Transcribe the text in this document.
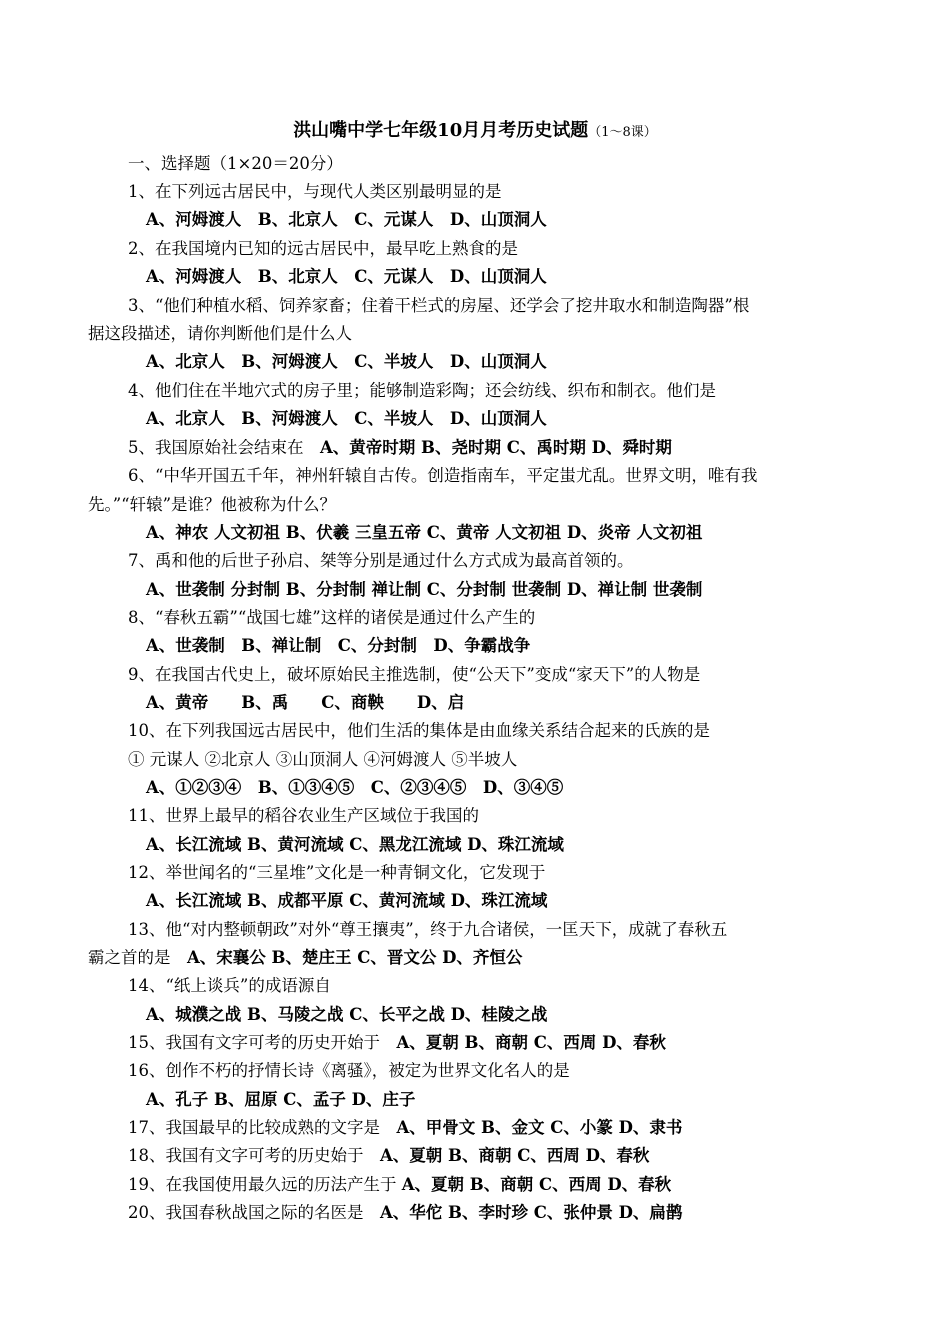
洪山嘴中学七年级10月月考历史试题（1～8课）
一、选择题（1×20＝20分）
1、在下列远古居民中，与现代人类区别最明显的是
A、河姆渡人　B、北京人　C、元谋人　D、山顶洞人
2、在我国境内已知的远古居民中，最早吃上熟食的是
A、河姆渡人　B、北京人　C、元谋人　D、山顶洞人
3、“他们种植水稻、饲养家畜；住着干栏式的房屋、还学会了挖井取水和制造陶器”根
据这段描述，请你判断他们是什么人
A、北京人　B、河姆渡人　C、半坡人　D、山顶洞人
4、他们住在半地穴式的房子里；能够制造彩陶；还会纺线、织布和制衣。他们是
A、北京人　B、河姆渡人　C、半坡人　D、山顶洞人
5、我国原始社会结束在　A、黄帝时期 B、尧时期 C、禹时期 D、舜时期
6、“中华开国五千年，神州轩辕自古传。创造指南车，平定蚩尤乱。世界文明，唯有我
先。”“轩辕”是谁？他被称为什么？
A、神农 人文初祖 B、伏羲 三皇五帝 C、黄帝 人文初祖 D、炎帝 人文初祖
7、禹和他的后世子孙启、桀等分别是通过什么方式成为最高首领的。
A、世袭制 分封制 B、分封制 禅让制 C、分封制 世袭制 D、禅让制 世袭制
8、“春秋五霸”“战国七雄”这样的诸侯是通过什么产生的
A、世袭制　B、禅让制　C、分封制　D、争霸战争
9、在我国古代史上，破坏原始民主推选制，使“公天下”变成“家天下”的人物是
A、黄帝　　B、禹　　C、商鞅　　D、启
10、在下列我国远古居民中，他们生活的集体是由血缘关系结合起来的氏族的是
① 元谋人 ②北京人 ③山顶洞人 ④河姆渡人 ⑤半坡人
A、①②③④　B、①③④⑤　C、②③④⑤　D、③④⑤
11、世界上最早的稻谷农业生产区域位于我国的
A、长江流域 B、黄河流域 C、黑龙江流域 D、珠江流域
12、举世闻名的“三星堆”文化是一种青铜文化，它发现于
A、长江流域 B、成都平原 C、黄河流域 D、珠江流域
13、他“对内整顿朝政”对外“尊王攘夷”，终于九合诸侯，一匡天下，成就了春秋五
霸之首的是　A、宋襄公 B、楚庄王 C、晋文公 D、齐恒公
14、“纸上谈兵”的成语源自
A、城濮之战 B、马陵之战 C、长平之战 D、桂陵之战
15、我国有文字可考的历史开始于　A、夏朝 B、商朝 C、西周 D、春秋
16、创作不朽的抒情长诗《离骚》，被定为世界文化名人的是
A、孔子 B、屈原 C、孟子 D、庄子
17、我国最早的比较成熟的文字是　A、甲骨文 B、金文 C、小篆 D、隶书
18、我国有文字可考的历史始于　A、夏朝 B、商朝 C、西周 D、春秋
19、在我国使用最久远的历法产生于 A、夏朝 B、商朝 C、西周 D、春秋
20、我国春秋战国之际的名医是　A、华佗 B、李时珍 C、张仲景 D、扁鹊
